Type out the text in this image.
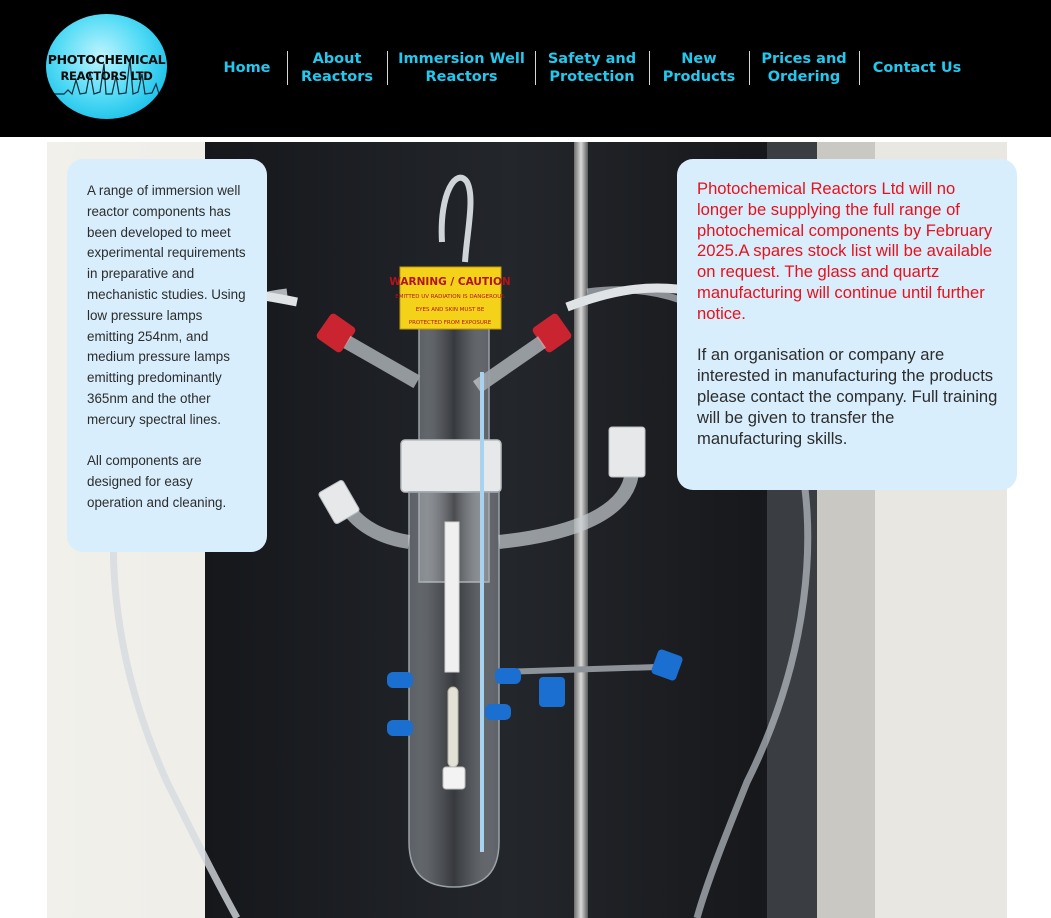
PHOTOCHEMICAL
REACTORS LTD	Home
About
Reactors
Immersion Well
Reactors
Safety and
Protection
New
Products
Prices and
Ordering
Contact Us
WARNING / CAUTION
EMITTED UV RADIATION IS DANGEROUS
EYES AND SKIN MUST BE
PROTECTED FROM EXPOSURE

A range of immersion well reactor components has been developed to meet experimental requirements in preparative and mechanistic studies. Using low pressure lamps emitting 254nm, and medium pressure lamps emitting predominantly 365nm and the other mercury spectral lines.

All components are designed for easy operation and cleaning.

Photochemical Reactors Ltd will no longer be supplying the full range of photochemical components by February 2025.A spares stock list will be available on request. The glass and quartz manufacturing will continue until further notice.

If an organisation or company are interested in manufacturing the products please contact the company. Full training will be given to transfer the manufacturing skills.
